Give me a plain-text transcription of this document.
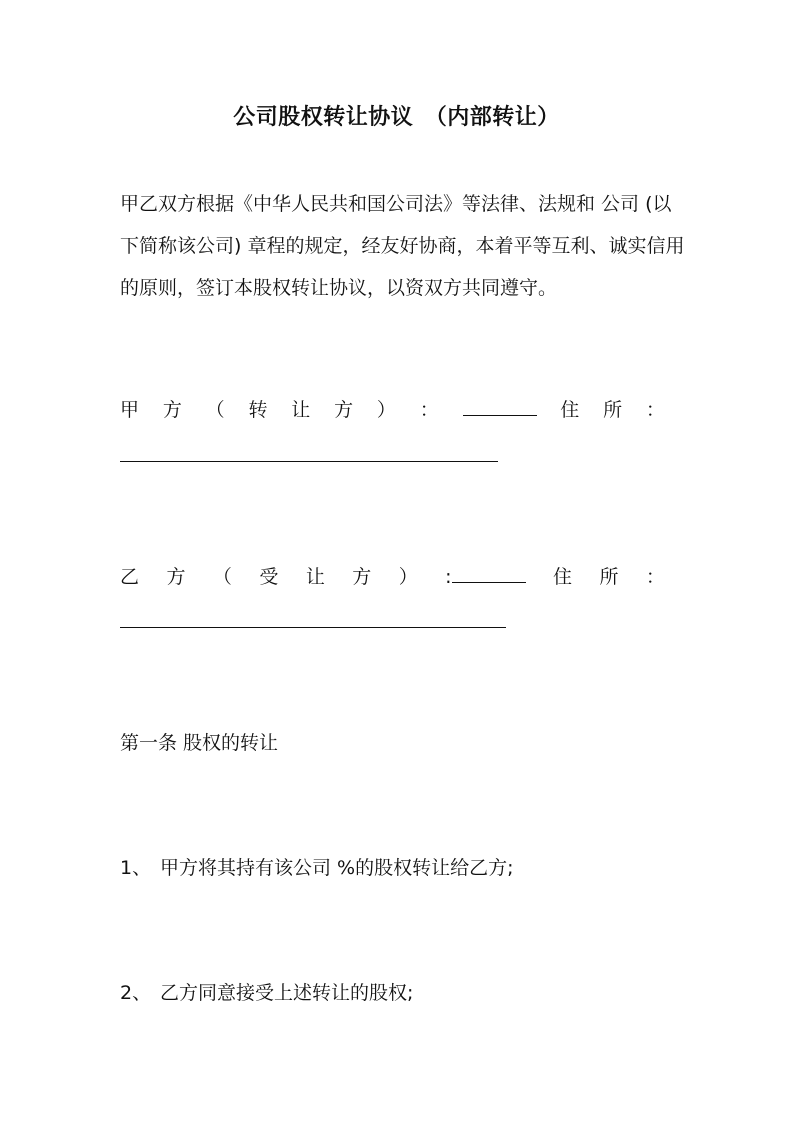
公司股权转让协议　（内部转让）

甲乙双方根据《中华人民共和国公司法》等法律、法规和 公司 (以
下简称该公司) 章程的规定，经友好协商，本着平等互利、诚实信用
的原则，签订本股权转让协议，以资双方共同遵守。

甲 方 （ 转 让 方 ） ：	住 所 ：
乙 方 （ 受 让 方 ） :	住 所 ：

第一条 股权的转让

1、 甲方将其持有该公司 %的股权转让给乙方;

2、 乙方同意接受上述转让的股权;
